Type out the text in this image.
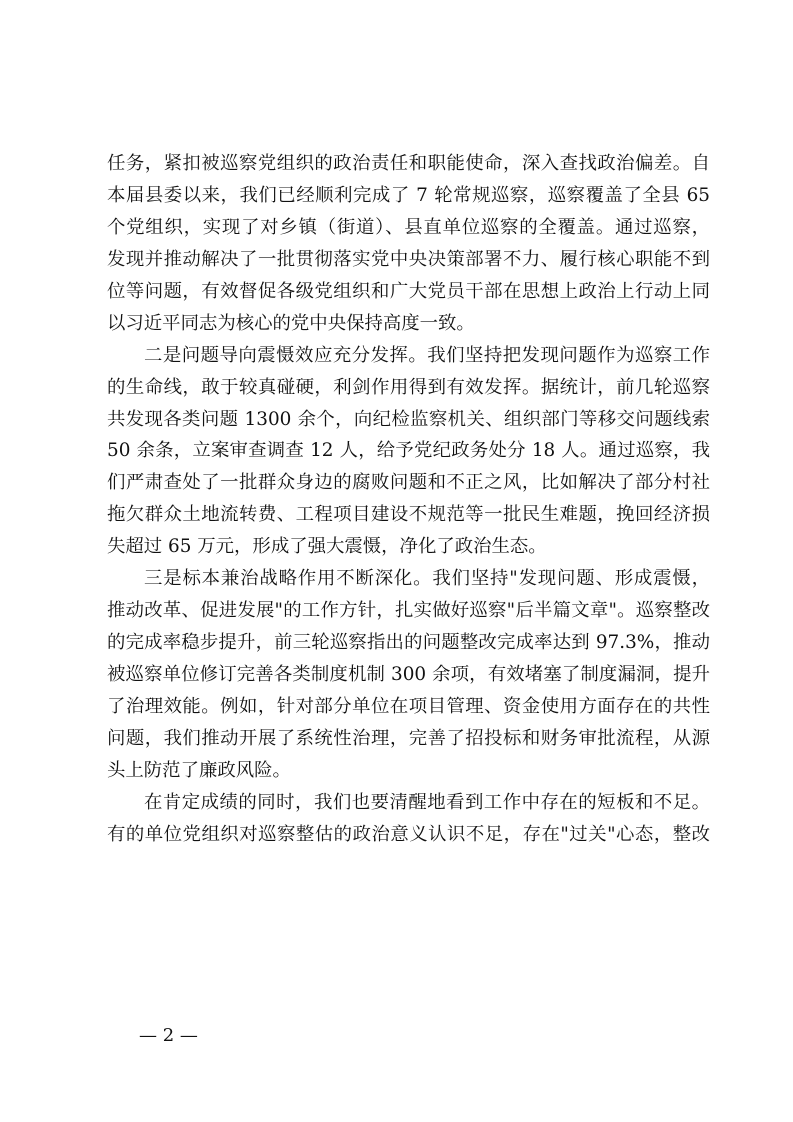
任务，紧扣被巡察党组织的政治责任和职能使命，深入查找政治偏差。自
本届县委以来，我们已经顺利完成了 7 轮常规巡察，巡察覆盖了全县 65
个党组织，实现了对乡镇（街道）、县直单位巡察的全覆盖。通过巡察，
发现并推动解决了一批贯彻落实党中央决策部署不力、履行核心职能不到
位等问题，有效督促各级党组织和广大党员干部在思想上政治上行动上同
以习近平同志为核心的党中央保持高度一致。
二是问题导向震慑效应充分发挥。我们坚持把发现问题作为巡察工作
的生命线，敢于较真碰硬，利剑作用得到有效发挥。据统计，前几轮巡察
共发现各类问题 1300 余个，向纪检监察机关、组织部门等移交问题线索
50 余条，立案审查调查 12 人，给予党纪政务处分 18 人。通过巡察，我
们严肃查处了一批群众身边的腐败问题和不正之风，比如解决了部分村社
拖欠群众土地流转费、工程项目建设不规范等一批民生难题，挽回经济损
失超过 65 万元，形成了强大震慑，净化了政治生态。
三是标本兼治战略作用不断深化。我们坚持"发现问题、形成震慑，
推动改革、促进发展"的工作方针，扎实做好巡察"后半篇文章"。巡察整改
的完成率稳步提升，前三轮巡察指出的问题整改完成率达到 97.3%，推动
被巡察单位修订完善各类制度机制 300 余项，有效堵塞了制度漏洞，提升
了治理效能。例如，针对部分单位在项目管理、资金使用方面存在的共性
问题，我们推动开展了系统性治理，完善了招投标和财务审批流程，从源
头上防范了廉政风险。
在肯定成绩的同时，我们也要清醒地看到工作中存在的短板和不足。
有的单位党组织对巡察整估的政治意义认识不足，存在"过关"心态，整改
— 2 —
